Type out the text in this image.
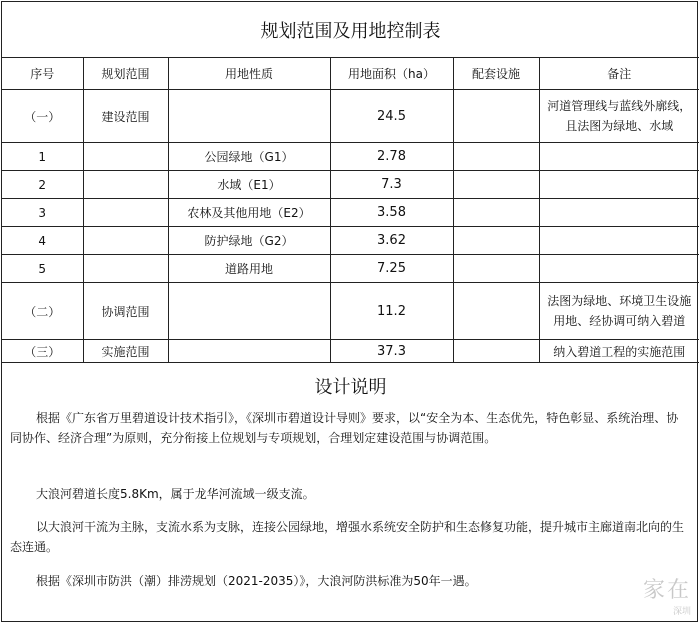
规划范围及用地控制表
序号	规划范围	用地性质	用地面积（ha）	配套设施	备注
（一）	建设范围		24.5		河道管理线与蓝线外廓线，且法图为绿地、水域
1		公园绿地（G1）	2.78		
2		水域（E1）	7.3		
3		农林及其他用地（E2）	3.58		
4		防护绿地（G2）	3.62		
5		道路用地	7.25		
（二）	协调范围		11.2		法图为绿地、环境卫生设施用地、经协调可纳入碧道
（三）	实施范围		37.3		纳入碧道工程的实施范围
设计说明

根据《广东省万里碧道设计技术指引》，《深圳市碧道设计导则》要求，以“安全为本、生态优先，特色彰显、系统治理、协同协作、经济合理”为原则，充分衔接上位规划与专项规划，合理划定建设范围与协调范围。

大浪河碧道长度5.8Km，属于龙华河流域一级支流。

以大浪河干流为主脉，支流水系为支脉，连接公园绿地，增强水系统安全防护和生态修复功能，提升城市主廊道南北向的生态连通。

根据《深圳市防洪（潮）排涝规划（2021-2035）》，大浪河防洪标准为50年一遇。	家在
深圳
